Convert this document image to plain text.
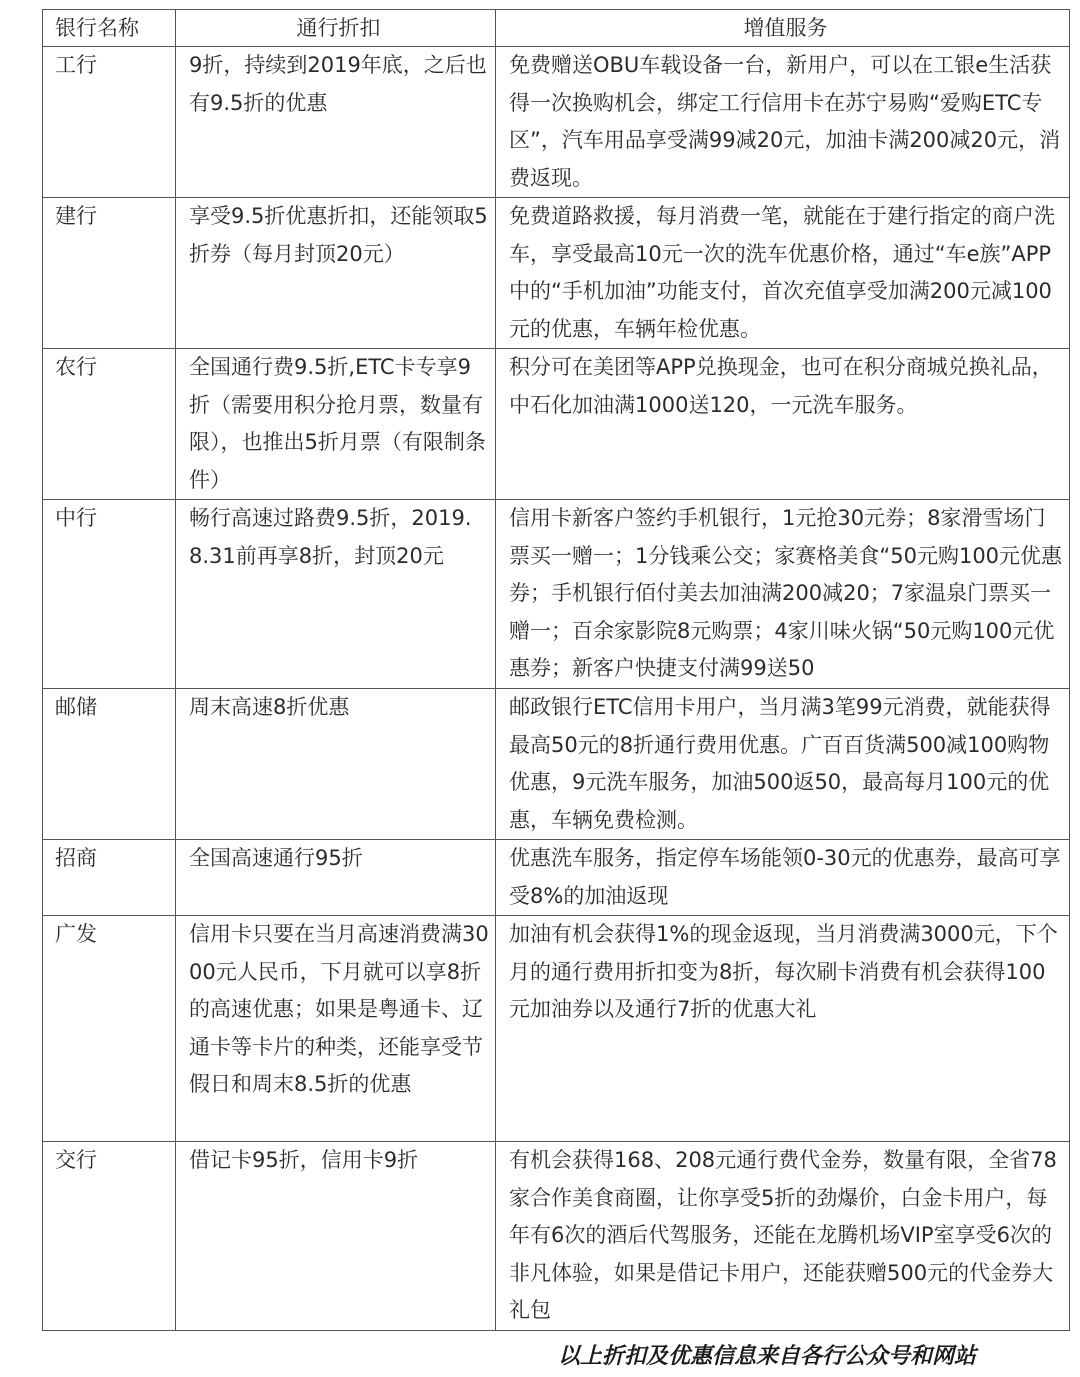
银行名称	通行折扣	增值服务
工行	9折，持续到2019年底，之后也有9.5折的优惠	免费赠送OBU车载设备一台，新用户，可以在工银e生活获得一次换购机会，绑定工行信用卡在苏宁易购“爱购ETC专区”，汽车用品享受满99减20元，加油卡满200减20元，消费返现。
建行	享受9.5折优惠折扣，还能领取5折券（每月封顶20元）	免费道路救援，每月消费一笔，就能在于建行指定的商户洗车，享受最高10元一次的洗车优惠价格，通过“车e族”APP中的“手机加油”功能支付，首次充值享受加满200元减100元的优惠，车辆年检优惠。
农行	全国通行费9.5折,ETC卡专享9折（需要用积分抢月票，数量有限），也推出5折月票（有限制条件）	积分可在美团等APP兑换现金，也可在积分商城兑换礼品，中石化加油满1000送120，一元洗车服务。
中行	畅行高速过路费9.5折，2019.8.31前再享8折，封顶20元	信用卡新客户签约手机银行，1元抢30元券；8家滑雪场门票买一赠一；1分钱乘公交；家赛格美食“50元购100元优惠券；手机银行佰付美去加油满200减20；7家温泉门票买一赠一；百余家影院8元购票；4家川味火锅“50元购100元优惠券；新客户快捷支付满99送50
邮储	周末高速8折优惠	邮政银行ETC信用卡用户，当月满3笔99元消费，就能获得最高50元的8折通行费用优惠。广百百货满500减100购物优惠，9元洗车服务，加油500返50，最高每月100元的优惠，车辆免费检测。
招商	全国高速通行95折	优惠洗车服务，指定停车场能领0-30元的优惠券，最高可享受8%的加油返现
广发	信用卡只要在当月高速消费满3000元人民币，下月就可以享8折的高速优惠；如果是粤通卡、辽通卡等卡片的种类，还能享受节假日和周末8.5折的优惠	加油有机会获得1%的现金返现，当月消费满3000元，下个月的通行费用折扣变为8折，每次刷卡消费有机会获得100元加油券以及通行7折的优惠大礼
交行	借记卡95折，信用卡9折	有机会获得168、208元通行费代金券，数量有限，全省78家合作美食商圈，让你享受5折的劲爆价，白金卡用户，每年有6次的酒后代驾服务，还能在龙腾机场VIP室享受6次的非凡体验，如果是借记卡用户，还能获赠500元的代金券大礼包
以上折扣及优惠信息来自各行公众号和网站
